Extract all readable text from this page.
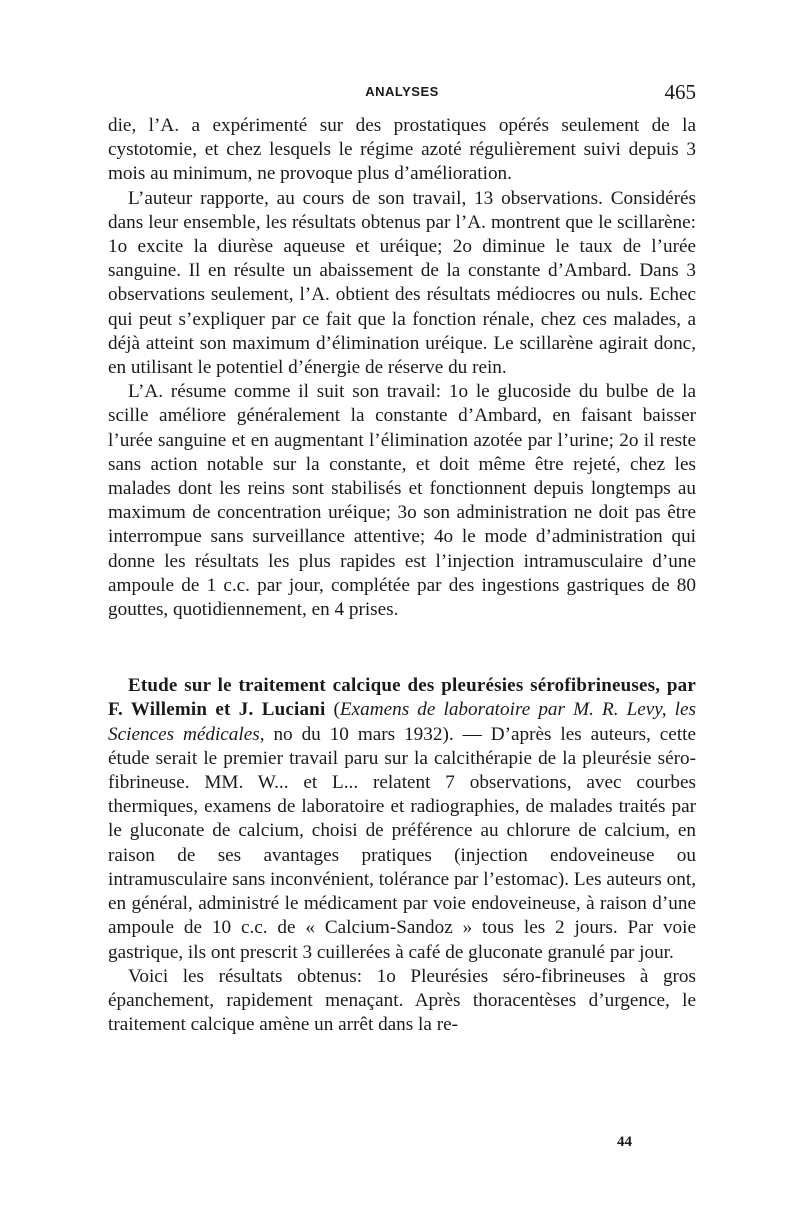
ANALYSES	465

die, l’A. a expérimenté sur des prostatiques opérés seulement de la cystotomie, et chez lesquels le régime azoté régulièrement suivi depuis 3 mois au minimum, ne provoque plus d’amélioration.

L’auteur rapporte, au cours de son travail, 13 observations. Considérés dans leur ensemble, les résultats obtenus par l’A. montrent que le scillarène: 1o excite la diurèse aqueuse et uréique; 2o diminue le taux de l’urée sanguine. Il en résulte un abaissement de la constante d’Ambard. Dans 3 observations seulement, l’A. obtient des résultats médiocres ou nuls. Echec qui peut s’expliquer par ce fait que la fonction rénale, chez ces malades, a déjà atteint son maximum d’élimination uréique. Le scillarène agirait donc, en utilisant le potentiel d’énergie de réserve du rein.

L’A. résume comme il suit son travail: 1o le glucoside du bulbe de la scille améliore généralement la constante d’Ambard, en faisant baisser l’urée sanguine et en augmentant l’élimination azotée par l’urine; 2o il reste sans action notable sur la constante, et doit même être rejeté, chez les malades dont les reins sont stabilisés et fonctionnent depuis longtemps au maximum de concentration uréique; 3o son administration ne doit pas être interrompue sans surveillance attentive; 4o le mode d’administration qui donne les résultats les plus rapides est l’injection intramusculaire d’une ampoule de 1 c.c. par jour, complétée par des ingestions gastriques de 80 gouttes, quotidiennement, en 4 prises.

Etude sur le traitement calcique des pleurésies sérofibrineuses, par F. Willemin et J. Luciani (Examens de laboratoire par M. R. Levy, les Sciences médicales, no du 10 mars 1932). — D’après les auteurs, cette étude serait le premier travail paru sur la calcithérapie de la pleurésie séro-fibrineuse. MM. W... et L... relatent 7 observations, avec courbes thermiques, examens de laboratoire et radiographies, de malades traités par le gluconate de calcium, choisi de préférence au chlorure de calcium, en raison de ses avantages pratiques (injection endoveineuse ou intramusculaire sans inconvénient, tolérance par l’estomac). Les auteurs ont, en général, administré le médicament par voie endoveineuse, à raison d’une ampoule de 10 c.c. de « Calcium-Sandoz » tous les 2 jours. Par voie gastrique, ils ont prescrit 3 cuillerées à café de gluconate granulé par jour.

Voici les résultats obtenus: 1o Pleurésies séro-fibrineuses à gros épanchement, rapidement menaçant. Après thoracentèses d’urgence, le traitement calcique amène un arrêt dans la re-

44
